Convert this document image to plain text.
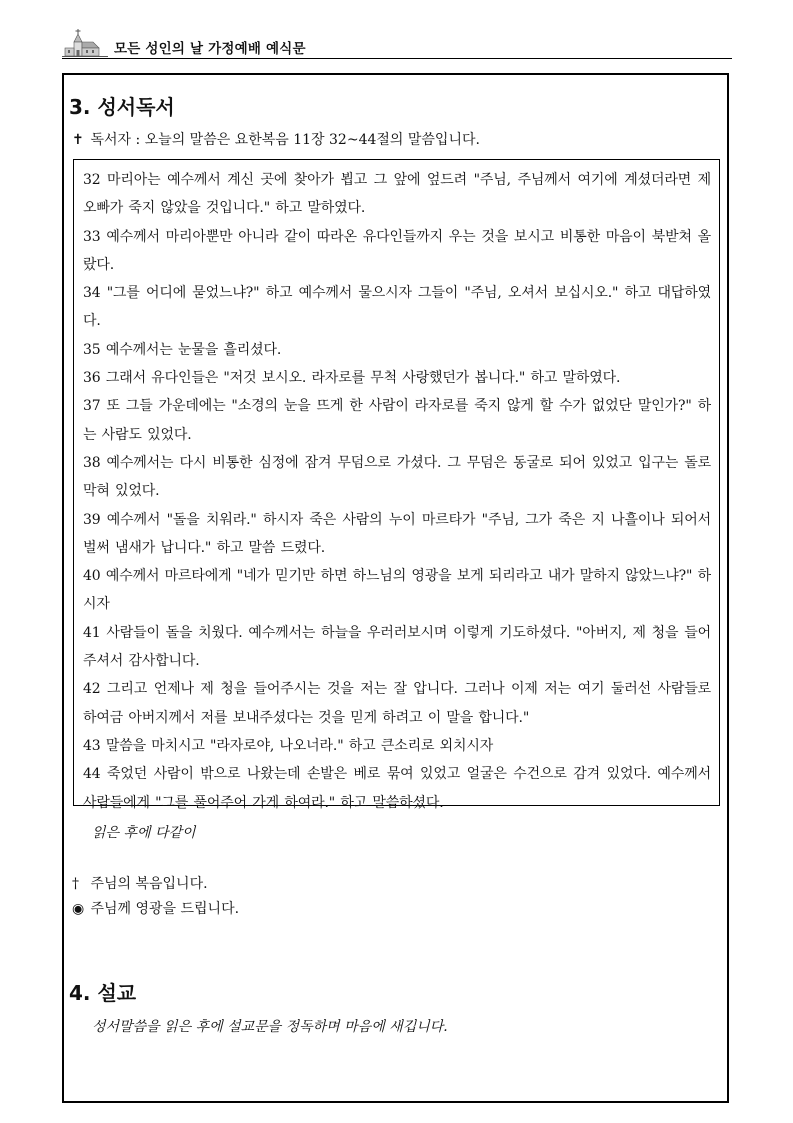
모든 성인의 날 가정예배 예식문
3. 성서독서
✝ 독서자 : 오늘의 말씀은 요한복음 11장 32~44절의 말씀입니다.

32 마리아는 예수께서 계신 곳에 찾아가 뵙고 그 앞에 엎드려 "주님, 주님께서 여기에 계셨더라면 제 오빠가 죽지 않았을 것입니다." 하고 말하였다.

33 예수께서 마리아뿐만 아니라 같이 따라온 유다인들까지 우는 것을 보시고 비통한 마음이 북받쳐 올랐다.

34 "그를 어디에 묻었느냐?" 하고 예수께서 물으시자 그들이 "주님, 오셔서 보십시오." 하고 대답하였다.

35 예수께서는 눈물을 흘리셨다.

36 그래서 유다인들은 "저것 보시오. 라자로를 무척 사랑했던가 봅니다." 하고 말하였다.

37 또 그들 가운데에는 "소경의 눈을 뜨게 한 사람이 라자로를 죽지 않게 할 수가 없었단 말인가?" 하는 사람도 있었다.

38 예수께서는 다시 비통한 심정에 잠겨 무덤으로 가셨다. 그 무덤은 동굴로 되어 있었고 입구는 돌로 막혀 있었다.

39 예수께서 "돌을 치워라." 하시자 죽은 사람의 누이 마르타가 "주님, 그가 죽은 지 나흘이나 되어서 벌써 냄새가 납니다." 하고 말씀 드렸다.

40 예수께서 마르타에게 "네가 믿기만 하면 하느님의 영광을 보게 되리라고 내가 말하지 않았느냐?" 하시자

41 사람들이 돌을 치웠다. 예수께서는 하늘을 우러러보시며 이렇게 기도하셨다. "아버지, 제 청을 들어주셔서 감사합니다.

42 그리고 언제나 제 청을 들어주시는 것을 저는 잘 압니다. 그러나 이제 저는 여기 둘러선 사람들로 하여금 아버지께서 저를 보내주셨다는 것을 믿게 하려고 이 말을 합니다."

43 말씀을 마치시고 "라자로야, 나오너라." 하고 큰소리로 외치시자

44 죽었던 사람이 밖으로 나왔는데 손발은 베로 묶여 있었고 얼굴은 수건으로 감겨 있었다. 예수께서 사람들에게 "그를 풀어주어 가게 하여라." 하고 말씀하셨다.

읽은 후에 다같이
† 주님의 복음입니다.
◉ 주님께 영광을 드립니다.
4. 설교
성서말씀을 읽은 후에 설교문을 정독하며 마음에 새깁니다.
